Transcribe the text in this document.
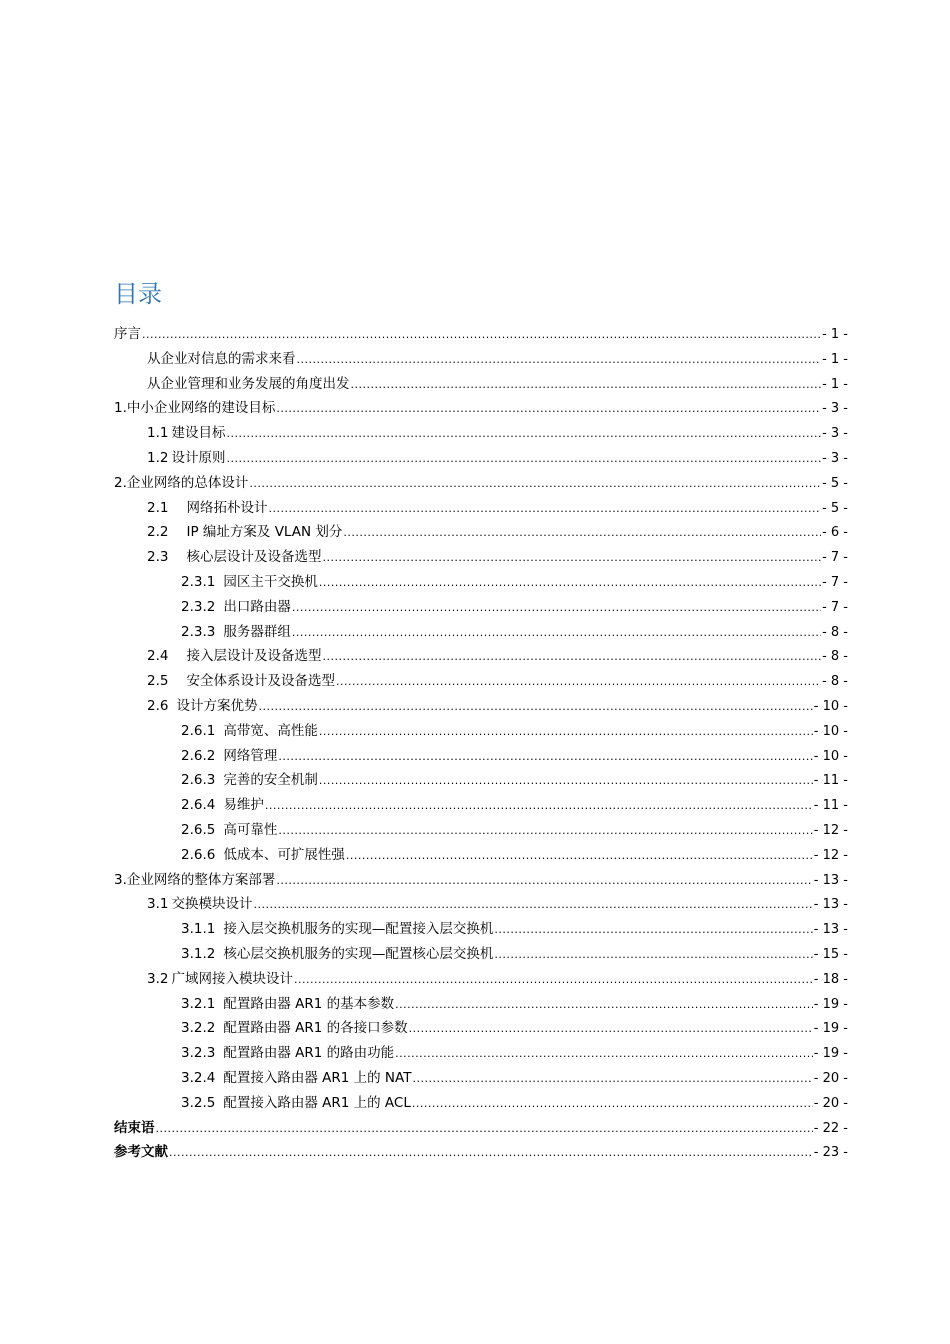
目录
序言 .....	- 1 -
从企业对信息的需求来看 .....	- 1 -
从企业管理和业务发展的角度出发 .....	- 1 -
1. 中小企业网络的建设目标 .....	- 3 -
1.1 建设目标 .....	- 3 -
1.2 设计原则 .....	- 3 -
2. 企业网络的总体设计 .....	- 5 -
2.1 网络拓朴设计 .....	- 5 -
2.2 IP 编址方案及 VLAN 划分 .....	- 6 -
2.3 核心层设计及设备选型 .....	- 7 -
2.3.1 园区主干交换机 .....	- 7 -
2.3.2 出口路由器 .....	- 7 -
2.3.3 服务器群组 .....	- 8 -
2.4 接入层设计及设备选型 .....	- 8 -
2.5 安全体系设计及设备选型 .....	- 8 -
2.6 设计方案优势 .....	- 10 -
2.6.1 高带宽、高性能 .....	- 10 -
2.6.2 网络管理 .....	- 10 -
2.6.3 完善的安全机制 .....	- 11 -
2.6.4 易维护 .....	- 11 -
2.6.5 高可靠性 .....	- 12 -
2.6.6 低成本、可扩展性强 .....	- 12 -
3. 企业网络的整体方案部署 .....	- 13 -
3.1 交换模块设计 .....	- 13 -
3.1.1 接入层交换机服务的实现—配置接入层交换机 .....	- 13 -
3.1.2 核心层交换机服务的实现—配置核心层交换机 .....	- 15 -
3.2 广域网接入模块设计 .....	- 18 -
3.2.1 配置路由器 AR1 的基本参数 .....	- 19 -
3.2.2 配置路由器 AR1 的各接口参数 .....	- 19 -
3.2.3 配置路由器 AR1 的路由功能 .....	- 19 -
3.2.4 配置接入路由器 AR1 上的 NAT .....	- 20 -
3.2.5 配置接入路由器 AR1 上的 ACL .....	- 20 -
结束语 .....	- 22 -
参考文献 .....	- 23 -
